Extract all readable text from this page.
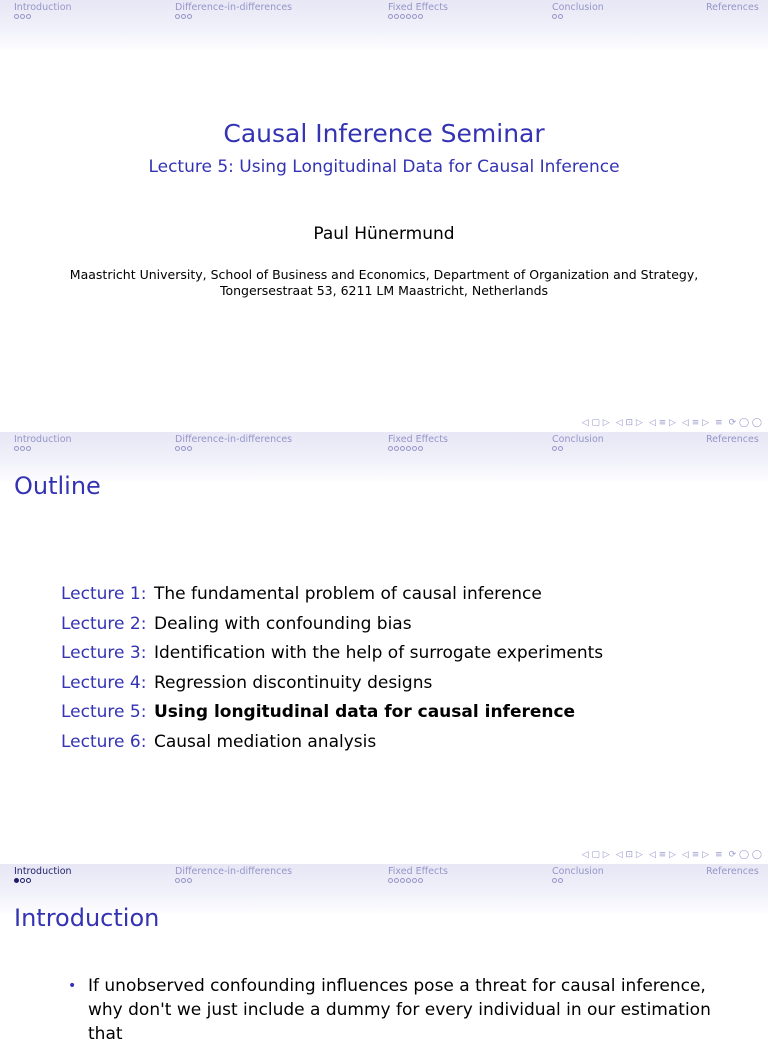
Introduction	Difference-in-differences	Fixed Effects	Conclusion	References
Causal Inference Seminar
Lecture 5: Using Longitudinal Data for Causal Inference
Paul Hünermund
Maastricht University, School of Business and Economics, Department of Organization and Strategy,
Tongersestraat 53, 6211 LM Maastricht, Netherlands
◁ ▢ ▷ ◁ ⊡ ▷ ◁ ≡ ▷ ◁ ≡ ▷ ≡ ⟳ ◯ ◯
Introduction	Difference-in-differences	Fixed Effects	Conclusion	References
Outline
Lecture 1: The fundamental problem of causal inference
Lecture 2: Dealing with confounding bias
Lecture 3: Identification with the help of surrogate experiments
Lecture 4: Regression discontinuity designs
Lecture 5: Using longitudinal data for causal inference
Lecture 6: Causal mediation analysis
◁ ▢ ▷ ◁ ⊡ ▷ ◁ ≡ ▷ ◁ ≡ ▷ ≡ ⟳ ◯ ◯
Introduction	Difference-in-differences	Fixed Effects	Conclusion	References
Introduction
• If unobserved confounding influences pose a threat for causal inference, why don't we just include a dummy for every individual in our estimation that
